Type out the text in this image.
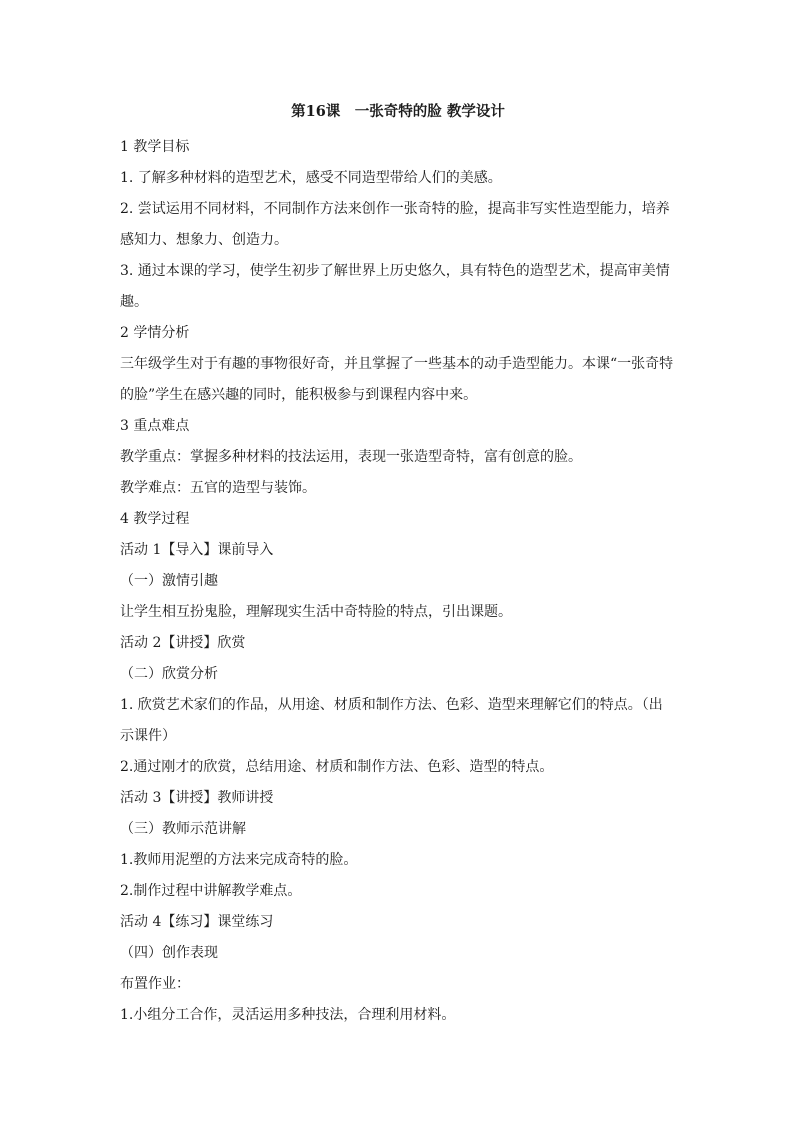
第16课　一张奇特的脸 教学设计

1 教学目标

1. 了解多种材料的造型艺术，感受不同造型带给人们的美感。

2. 尝试运用不同材料，不同制作方法来创作一张奇特的脸，提高非写实性造型能力，培养感知力、想象力、创造力。

3. 通过本课的学习，使学生初步了解世界上历史悠久，具有特色的造型艺术，提高审美情趣。

2 学情分析

三年级学生对于有趣的事物很好奇，并且掌握了一些基本的动手造型能力。本课“一张奇特的脸”学生在感兴趣的同时，能积极参与到课程内容中来。

3 重点难点

教学重点：掌握多种材料的技法运用，表现一张造型奇特，富有创意的脸。

教学难点：五官的造型与装饰。

4 教学过程

活动 1【导入】课前导入

（一）激情引趣

让学生相互扮鬼脸，理解现实生活中奇特脸的特点，引出课题。

活动 2【讲授】欣赏

（二）欣赏分析

1. 欣赏艺术家们的作品，从用途、材质和制作方法、色彩、造型来理解它们的特点。（出示课件）

2.通过刚才的欣赏，总结用途、材质和制作方法、色彩、造型的特点。

活动 3【讲授】教师讲授

（三）教师示范讲解

1.教师用泥塑的方法来完成奇特的脸。

2.制作过程中讲解教学难点。

活动 4【练习】课堂练习

（四）创作表现

布置作业：

1.小组分工合作，灵活运用多种技法，合理利用材料。
